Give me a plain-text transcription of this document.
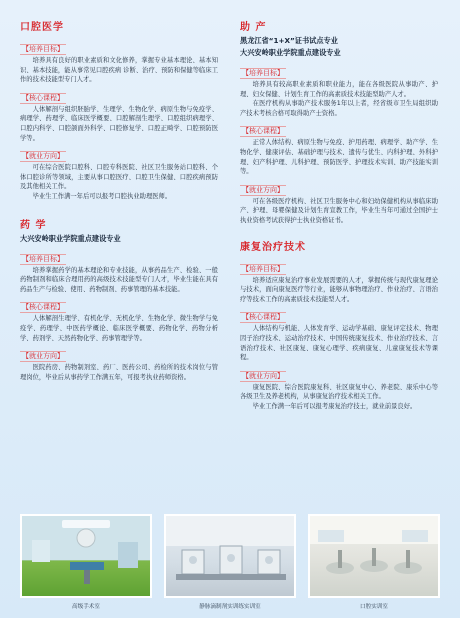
口腔医学
【培养目标】

培养具有良好的职业素质和文化修养，掌握专业基本理论、基本知识、基本技能，能从事常见口腔疾病 诊断、治疗、预防和保健等临床工作的技术技能型专门人才。

【核心课程】

人体解剖与组织胚胎学、生理学、生物化学、病原生物与免疫学、病理学、药理学、临床医学概要、口腔解剖生理学、口腔组织病理学、口腔内科学、口腔颌面外科学、口腔修复学、口腔正畸学、口腔预防医学等。

【就业方向】

可在综合医院口腔科、口腔专科医院、社区卫生服务站口腔科、个体口腔诊所等领域，主要从事口腔医疗、口腔卫生保健、口腔疾病预防及其他相关工作。

毕业生工作满一年后可以报考口腔执业助理医师。

药 学
大兴安岭职业学院重点建设专业
【培养目标】

培养掌握药学的基本理论和专业技能，从事药品生产、检验、一般药物制剂和临床合理用药的高级技术技能型专门人才，毕业生能在具有药品生产与检验、使用、药物制剂、药事管理的基本技能。

【核心课程】

人体解剖生理学、有机化学、无机化学、生物化学、微生物学与免疫学、药理学、中医药学概论、临床医学概要、药物化学、药物分析学、药剂学、天然药物化学、药事管理学等。

【就业方向】

医院药房、药物制剂室、药厂、医药公司、药检所的技术岗位与管理岗位，毕业后从事药学工作满五年，可报考执业药师资格。

助 产
黑龙江省“1+X”证书试点专业
大兴安岭职业学院重点建设专业
【培养目标】

培养具有较高职业素质和职业能力，能在各级医院从事助产、护理、妇女保健、计划生育工作的高素质技术技能型助产人才。

在医疗机构从事助产技术服务1年以上者，经省级市卫生局组织助产技术考核合格可取得助产士资格。

【核心课程】

正常人体结构、病原生物与免疫、护用药理、病理学、助产学、生物化学、健康评估、基础护理与技术、遗传与优生、内科护理、外科护理、妇产科护理、儿科护理、预防医学、护理技术实训、助产技能实训等。

【就业方向】

可在各级医疗机构、社区卫生服务中心和妇幼保健机构从事临床助产、护理、母婴保健及计划生育宣教工作，毕业生当年可通过全国护士执业资格考试获得护士执业资格证书。

康复治疗技术
【培养目标】

培养适应康复治疗事业发展需要的人才，掌握传统与现代康复理论与技术，面向康复医疗等行业，能够从事物理治疗、作业治疗、言语治疗等技术工作的高素质技术技能型人才。

【核心课程】

人体结构与机能、人体发育学、运动学基础、康复评定技术、物理因子治疗技术、运动治疗技术、中国传统康复技术、作业治疗技术、言语治疗技术、社区康复、康复心理学、疾病康复、儿童康复技术等课程。

【就业方向】

康复医院、综合医院康复科、社区康复中心、养老院、康乐中心等各级卫生及养老机构，从事康复治疗技术相关工作。

毕业工作满一年后可以报考康复治疗技士，就业前景良好。

高级手术室	静脉滴制剂实训练实训室	口腔实训室
